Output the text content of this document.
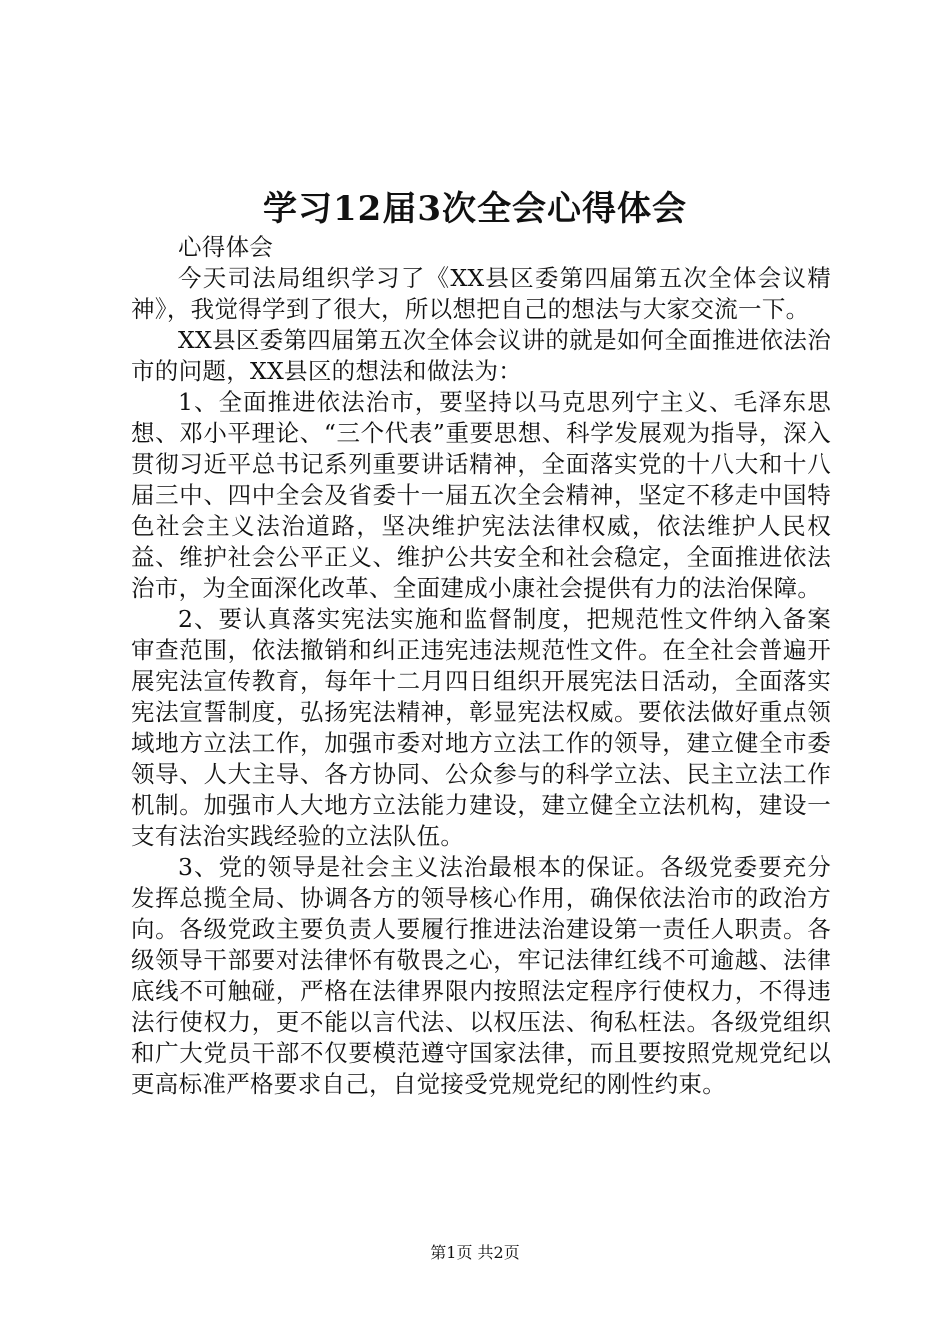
学习12届3次全会心得体会

心得体会

今天司法局组织学习了《XX县区委第四届第五次全体会议精神》，我觉得学到了很大，所以想把自己的想法与大家交流一下。

XX县区委第四届第五次全体会议讲的就是如何全面推进依法治市的问题，XX县区的想法和做法为：

1、全面推进依法治市，要坚持以马克思列宁主义、毛泽东思想、邓小平理论、“三个代表”重要思想、科学发展观为指导，深入贯彻习近平总书记系列重要讲话精神，全面落实党的十八大和十八届三中、四中全会及省委十一届五次全会精神，坚定不移走中国特色社会主义法治道路，坚决维护宪法法律权威，依法维护人民权益、维护社会公平正义、维护公共安全和社会稳定，全面推进依法治市，为全面深化改革、全面建成小康社会提供有力的法治保障。

2、要认真落实宪法实施和监督制度，把规范性文件纳入备案审查范围，依法撤销和纠正违宪违法规范性文件。在全社会普遍开展宪法宣传教育，每年十二月四日组织开展宪法日活动，全面落实宪法宣誓制度，弘扬宪法精神，彰显宪法权威。要依法做好重点领域地方立法工作，加强市委对地方立法工作的领导，建立健全市委领导、人大主导、各方协同、公众参与的科学立法、民主立法工作机制。加强市人大地方立法能力建设，建立健全立法机构，建设一支有法治实践经验的立法队伍。

3、党的领导是社会主义法治最根本的保证。各级党委要充分发挥总揽全局、协调各方的领导核心作用，确保依法治市的政治方向。各级党政主要负责人要履行推进法治建设第一责任人职责。各级领导干部要对法律怀有敬畏之心，牢记法律红线不可逾越、法律底线不可触碰，严格在法律界限内按照法定程序行使权力，不得违法行使权力，更不能以言代法、以权压法、徇私枉法。各级党组织和广大党员干部不仅要模范遵守国家法律，而且要按照党规党纪以更高标准严格要求自己，自觉接受党规党纪的刚性约束。

第1页 共2页
